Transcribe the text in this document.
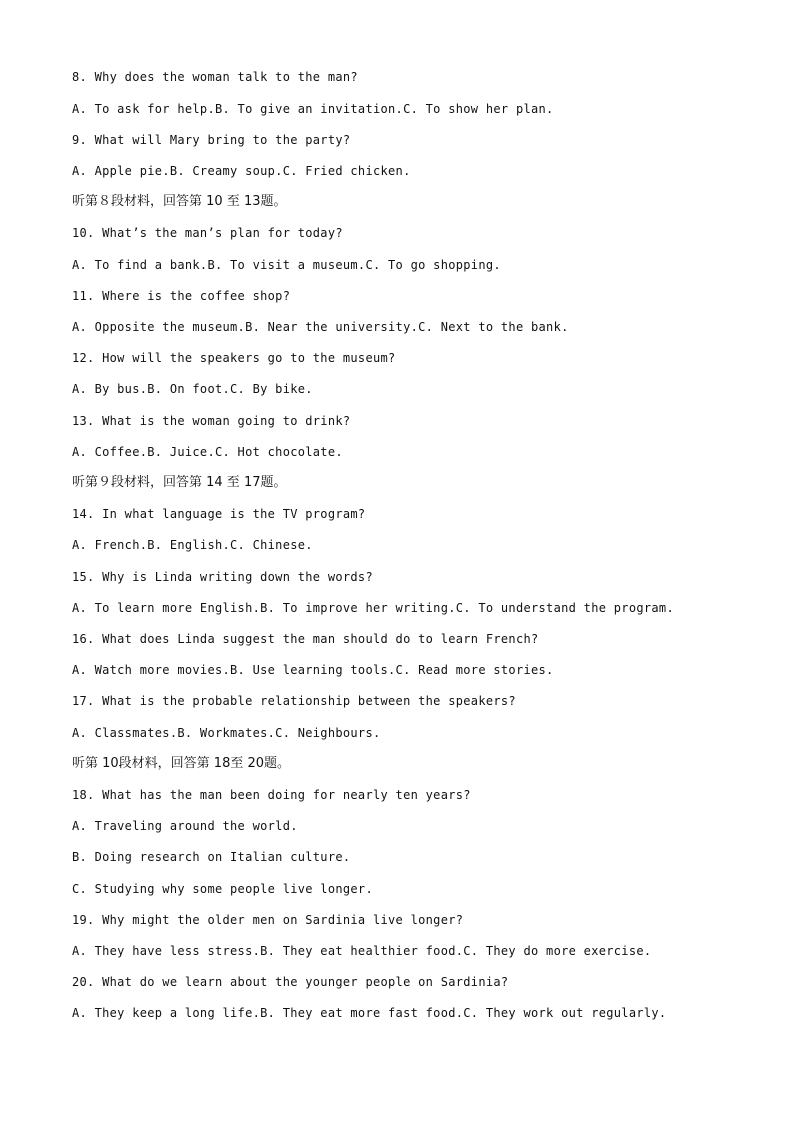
8. Why does the woman talk to the man?
A. To ask for help.B. To give an invitation.C. To show her plan.
9. What will Mary bring to the party?
A. Apple pie.B. Creamy soup.C. Fried chicken.
听第８段材料，回答第 10 至 13题。
10. What’s the man’s plan for today?
A. To find a bank.B. To visit a museum.C. To go shopping.
11. Where is the coffee shop?
A. Opposite the museum.B. Near the university.C. Next to the bank.
12. How will the speakers go to the museum?
A. By bus.B. On foot.C. By bike.
13. What is the woman going to drink?
A. Coffee.B. Juice.C. Hot chocolate.
听第９段材料，回答第 14 至 17题。
14. In what language is the TV program?
A. French.B. English.C. Chinese.
15. Why is Linda writing down the words?
A. To learn more English.B. To improve her writing.C. To understand the program.
16. What does Linda suggest the man should do to learn French?
A. Watch more movies.B. Use learning tools.C. Read more stories.
17. What is the probable relationship between the speakers?
A. Classmates.B. Workmates.C. Neighbours.
听第 10段材料，回答第 18至 20题。
18. What has the man been doing for nearly ten years?
A. Traveling around the world.
B. Doing research on Italian culture.
C. Studying why some people live longer.
19. Why might the older men on Sardinia live longer?
A. They have less stress.B. They eat healthier food.C. They do more exercise.
20. What do we learn about the younger people on Sardinia?
A. They keep a long life.B. They eat more fast food.C. They work out regularly.
